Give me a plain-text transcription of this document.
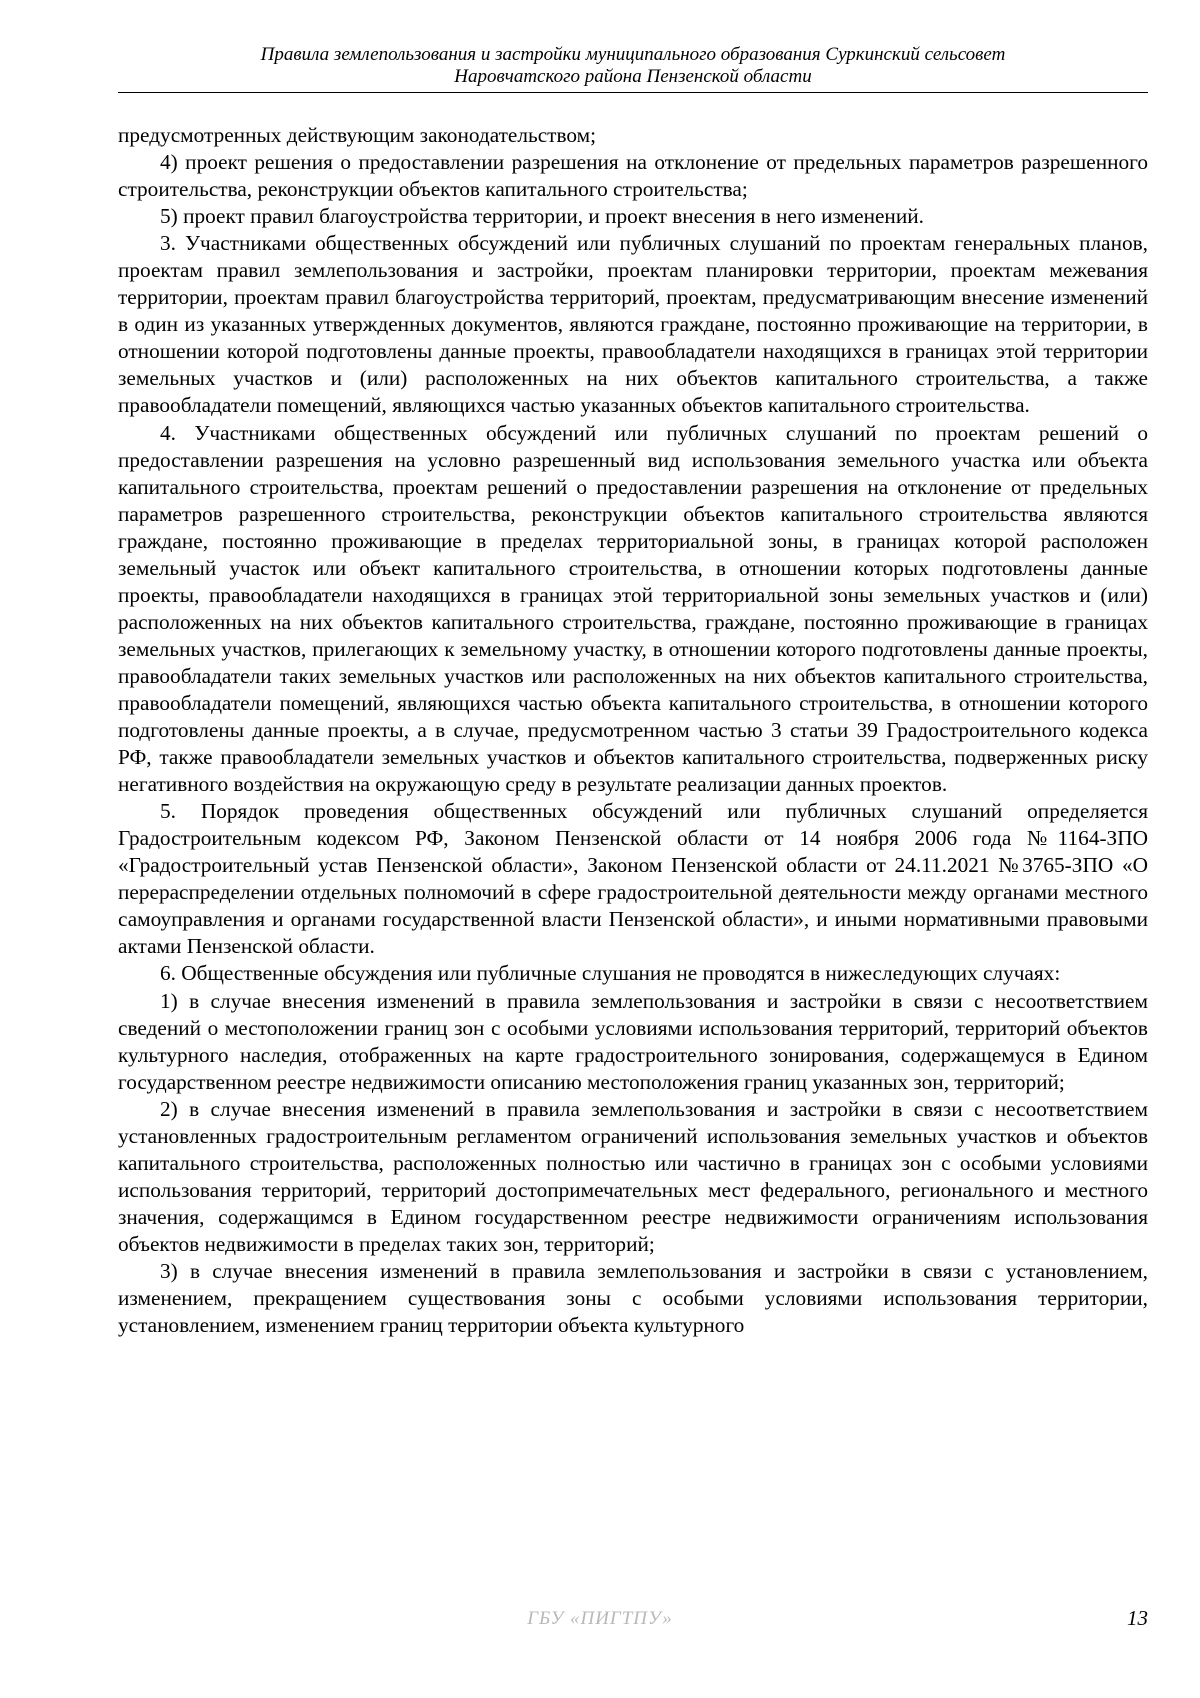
Правила землепользования и застройки муниципального образования Суркинский сельсовет
Наровчатского района Пензенской области

предусмотренных действующим законодательством;

4) проект решения о предоставлении разрешения на отклонение от предельных параметров разрешенного строительства, реконструкции объектов капитального строительства;

5) проект правил благоустройства территории, и проект внесения в него изменений.

3. Участниками общественных обсуждений или публичных слушаний по проектам генеральных планов, проектам правил землепользования и застройки, проектам планировки территории, проектам межевания территории, проектам правил благоустройства территорий, проектам, предусматривающим внесение изменений в один из указанных утвержденных документов, являются граждане, постоянно проживающие на территории, в отношении которой подготовлены данные проекты, правообладатели находящихся в границах этой территории земельных участков и (или) расположенных на них объектов капитального строительства, а также правообладатели помещений, являющихся частью указанных объектов капитального строительства.

4. Участниками общественных обсуждений или публичных слушаний по проектам решений о предоставлении разрешения на условно разрешенный вид использования земельного участка или объекта капитального строительства, проектам решений о предоставлении разрешения на отклонение от предельных параметров разрешенного строительства, реконструкции объектов капитального строительства являются граждане, постоянно проживающие в пределах территориальной зоны, в границах которой расположен земельный участок или объект капитального строительства, в отношении которых подготовлены данные проекты, правообладатели находящихся в границах этой территориальной зоны земельных участков и (или) расположенных на них объектов капитального строительства, граждане, постоянно проживающие в границах земельных участков, прилегающих к земельному участку, в отношении которого подготовлены данные проекты, правообладатели таких земельных участков или расположенных на них объектов капитального строительства, правообладатели помещений, являющихся частью объекта капитального строительства, в отношении которого подготовлены данные проекты, а в случае, предусмотренном частью 3 статьи 39 Градостроительного кодекса РФ, также правообладатели земельных участков и объектов капитального строительства, подверженных риску негативного воздействия на окружающую среду в результате реализации данных проектов.

5. Порядок проведения общественных обсуждений или публичных слушаний определяется Градостроительным кодексом РФ, Законом Пензенской области от 14 ноября 2006 года №1164-ЗПО «Градостроительный устав Пензенской области», Законом Пензенской области от 24.11.2021 №3765-ЗПО «О перераспределении отдельных полномочий в сфере градостроительной деятельности между органами местного самоуправления и органами государственной власти Пензенской области», и иными нормативными правовыми актами Пензенской области.

6. Общественные обсуждения или публичные слушания не проводятся в нижеследующих случаях:

1) в случае внесения изменений в правила землепользования и застройки в связи с несоответствием сведений о местоположении границ зон с особыми условиями использования территорий, территорий объектов культурного наследия, отображенных на карте градостроительного зонирования, содержащемуся в Едином государственном реестре недвижимости описанию местоположения границ указанных зон, территорий;

2) в случае внесения изменений в правила землепользования и застройки в связи с несоответствием установленных градостроительным регламентом ограничений использования земельных участков и объектов капитального строительства, расположенных полностью или частично в границах зон с особыми условиями использования территорий, территорий достопримечательных мест федерального, регионального и местного значения, содержащимся в Едином государственном реестре недвижимости ограничениям использования объектов недвижимости в пределах таких зон, территорий;

3) в случае внесения изменений в правила землепользования и застройки в связи с установлением, изменением, прекращением существования зоны с особыми условиями использования территории, установлением, изменением границ территории объекта культурного

ГБУ «ПИГТПУ»	13
